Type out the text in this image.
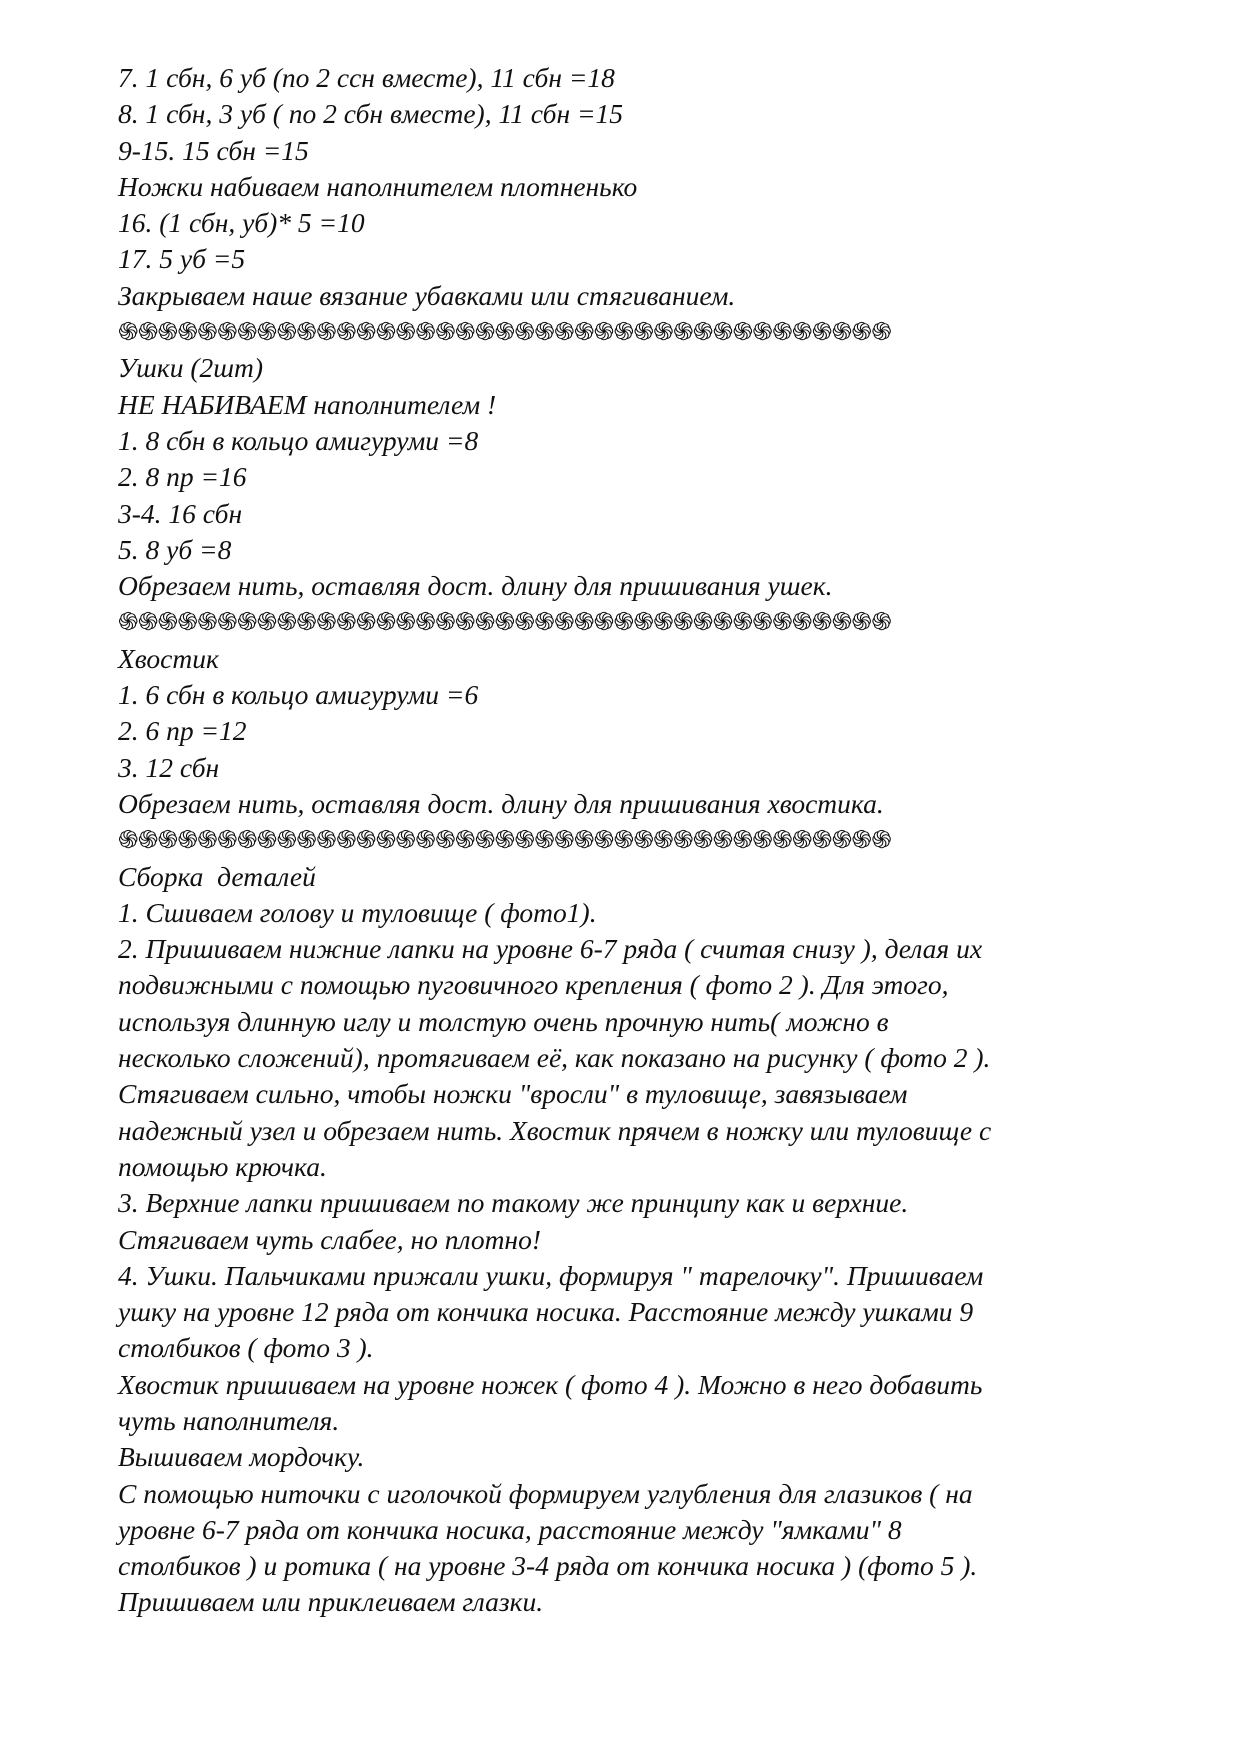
7. 1 сбн, 6 уб (по 2 ссн вместе), 11 сбн =18
8. 1 сбн, 3 уб ( по 2 сбн вместе), 11 сбн =15
9-15. 15 сбн =15
Ножки набиваем наполнителем плотненько
16. (1 сбн, уб)* 5 =10
17. 5 уб =5
Закрываем наше вязание убавками или стягиванием.
֍֍֍֍֍֍֍֍֍֍֍֍֍֍֍֍֍֍֍֍֍֍֍֍֍֍֍֍֍֍֍֍֍֍֍֍֍֍֍
Ушки (2шт)
НЕ НАБИВАЕМ наполнителем !
1. 8 сбн в кольцо амигуруми =8
2. 8 пр =16
3-4. 16 сбн
5. 8 уб =8
Обрезаем нить, оставляя дост. длину для пришивания ушек.
֍֍֍֍֍֍֍֍֍֍֍֍֍֍֍֍֍֍֍֍֍֍֍֍֍֍֍֍֍֍֍֍֍֍֍֍֍֍֍
Хвостик
1. 6 сбн в кольцо амигуруми =6
2. 6 пр =12
3. 12 сбн
Обрезаем нить, оставляя дост. длину для пришивания хвостика.
֍֍֍֍֍֍֍֍֍֍֍֍֍֍֍֍֍֍֍֍֍֍֍֍֍֍֍֍֍֍֍֍֍֍֍֍֍֍֍
Сборка  деталей
1. Сшиваем голову и туловище ( фото1).
2. Пришиваем нижние лапки на уровне 6-7 ряда ( считая снизу ), делая их
подвижными с помощью пуговичного крепления ( фото 2 ). Для этого,
используя длинную иглу и толстую очень прочную нить( можно в
несколько сложений), протягиваем её, как показано на рисунку ( фото 2 ).
Стягиваем сильно, чтобы ножки "вросли" в туловище, завязываем
надежный узел и обрезаем нить. Хвостик прячем в ножку или туловище с
помощью крючка.
3. Верхние лапки пришиваем по такому же принципу как и верхние.
Стягиваем чуть слабее, но плотно!
4. Ушки. Пальчиками прижали ушки, формируя " тарелочку". Пришиваем
ушку на уровне 12 ряда от кончика носика. Расстояние между ушками 9
столбиков ( фото 3 ).
Хвостик пришиваем на уровне ножек ( фото 4 ). Можно в него добавить
чуть наполнителя.
Вышиваем мордочку.
С помощью ниточки с иголочкой формируем углубления для глазиков ( на
уровне 6-7 ряда от кончика носика, расстояние между "ямками" 8
столбиков ) и ротика ( на уровне 3-4 ряда от кончика носика ) (фото 5 ).
Пришиваем или приклеиваем глазки.
